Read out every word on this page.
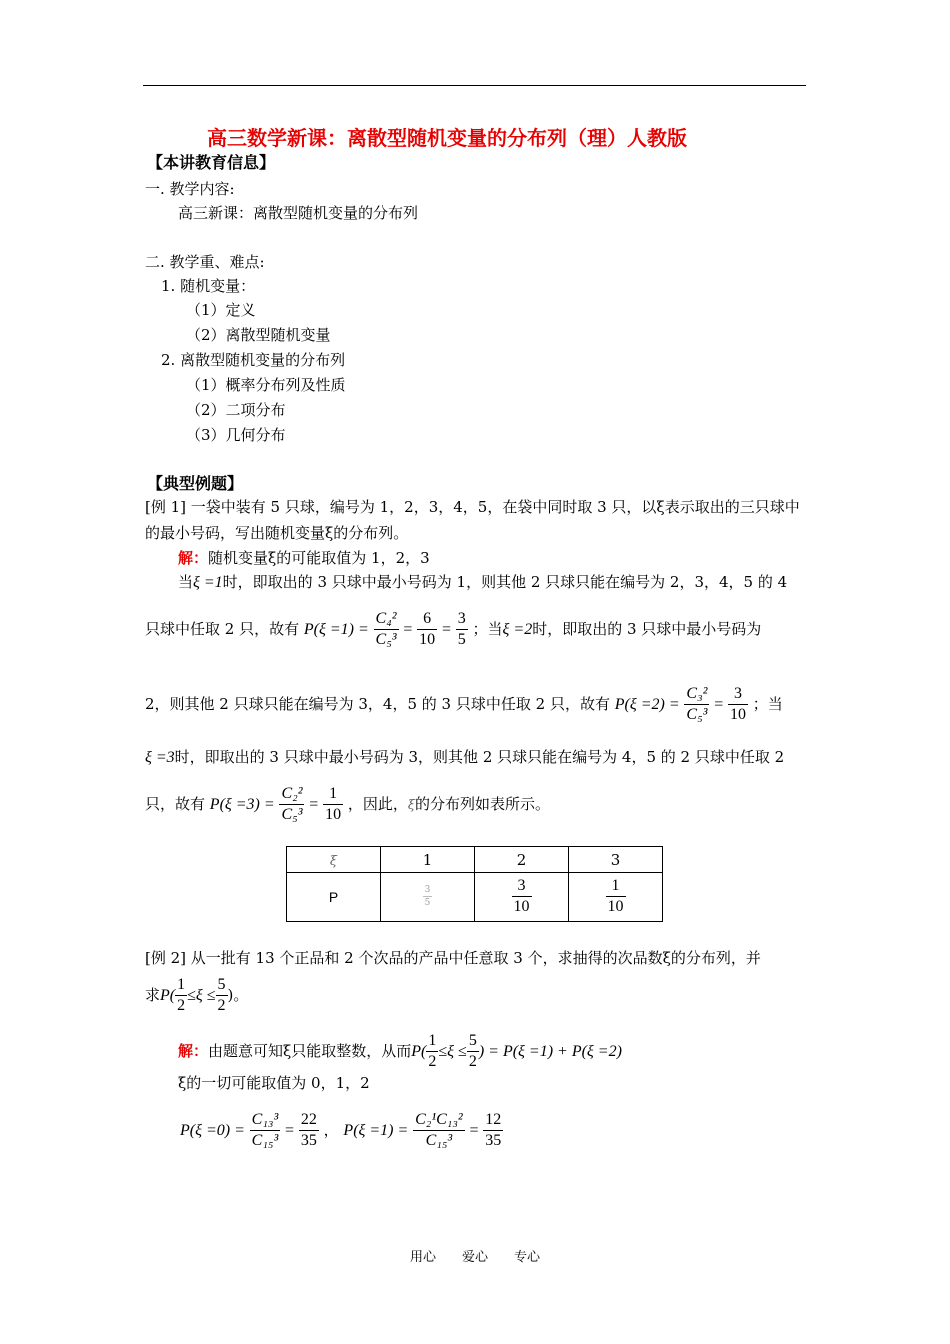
高三数学新课：离散型随机变量的分布列（理）人教版
【本讲教育信息】
一. 教学内容:
高三新课：离散型随机变量的分布列
二. 教学重、难点:
1. 随机变量：
（1）定义
（2）离散型随机变量
2. 离散型随机变量的分布列
（1）概率分布列及性质
（2）二项分布
（3）几何分布
【典型例题】
[例 1] 一袋中装有 5 只球，编号为 1，2，3，4，5，在袋中同时取 3 只，以ξ表示取出的三只球中
的最小号码，写出随机变量ξ的分布列。
解：随机变量ξ的可能取值为 1，2，3
当ξ =1时，即取出的 3 只球中最小号码为 1，则其他 2 只球只能在编号为 2，3，4，5 的 4
只球中任取 2 只，故有 $P(\xi =1) = \frac{\text{C₄²}}{\text{C₅³}} = \frac{6}{10} = \frac{3}{5}$ ；当ξ =2时，即取出的 3 只球中最小号码为
2，则其他 2 只球只能在编号为 3，4，5 的 3 只球中任取 2 只，故有 $P(\xi =2) = \frac{\text{C₃²}}{\text{C₅³}} = \frac{3}{10}$ ；当
ξ =3时，即取出的 3 只球中最小号码为 3，则其他 2 只球只能在编号为 4，5 的 2 只球中任取 2
只，故有 $P(\xi =3) = \frac{\text{C₂²}}{\text{C₅³}} = \frac{1}{10}$ ，因此，ξ的分布列如表所示。
ξ	1	2	3
P	$\frac{3}{5}$	$\frac{3}{10}$	$\frac{1}{10}$
[例 2] 从一批有 13 个正品和 2 个次品的产品中任意取 3 个，求抽得的次品数ξ的分布列，并
求$P( \frac{1}{2} \le\xi \le \frac{5}{2}$ )。
解：由题意可知ξ只能取整数，从而$P( \frac{1}{2} \le\xi \le \frac{5}{2}$ ) = P(ξ =1) + P(ξ =2)
ξ的一切可能取值为 0，1，2
$P(\xi =0) = \frac{\text{C₁₃³}}{\text{C₁₅³}} = \frac{22}{35}$ ， $P(\xi =1) = \frac{\text{C₂¹C₁₃²}}{\text{C₁₅³}} = \frac{12}{35}$
用心　　爱心　　专心
